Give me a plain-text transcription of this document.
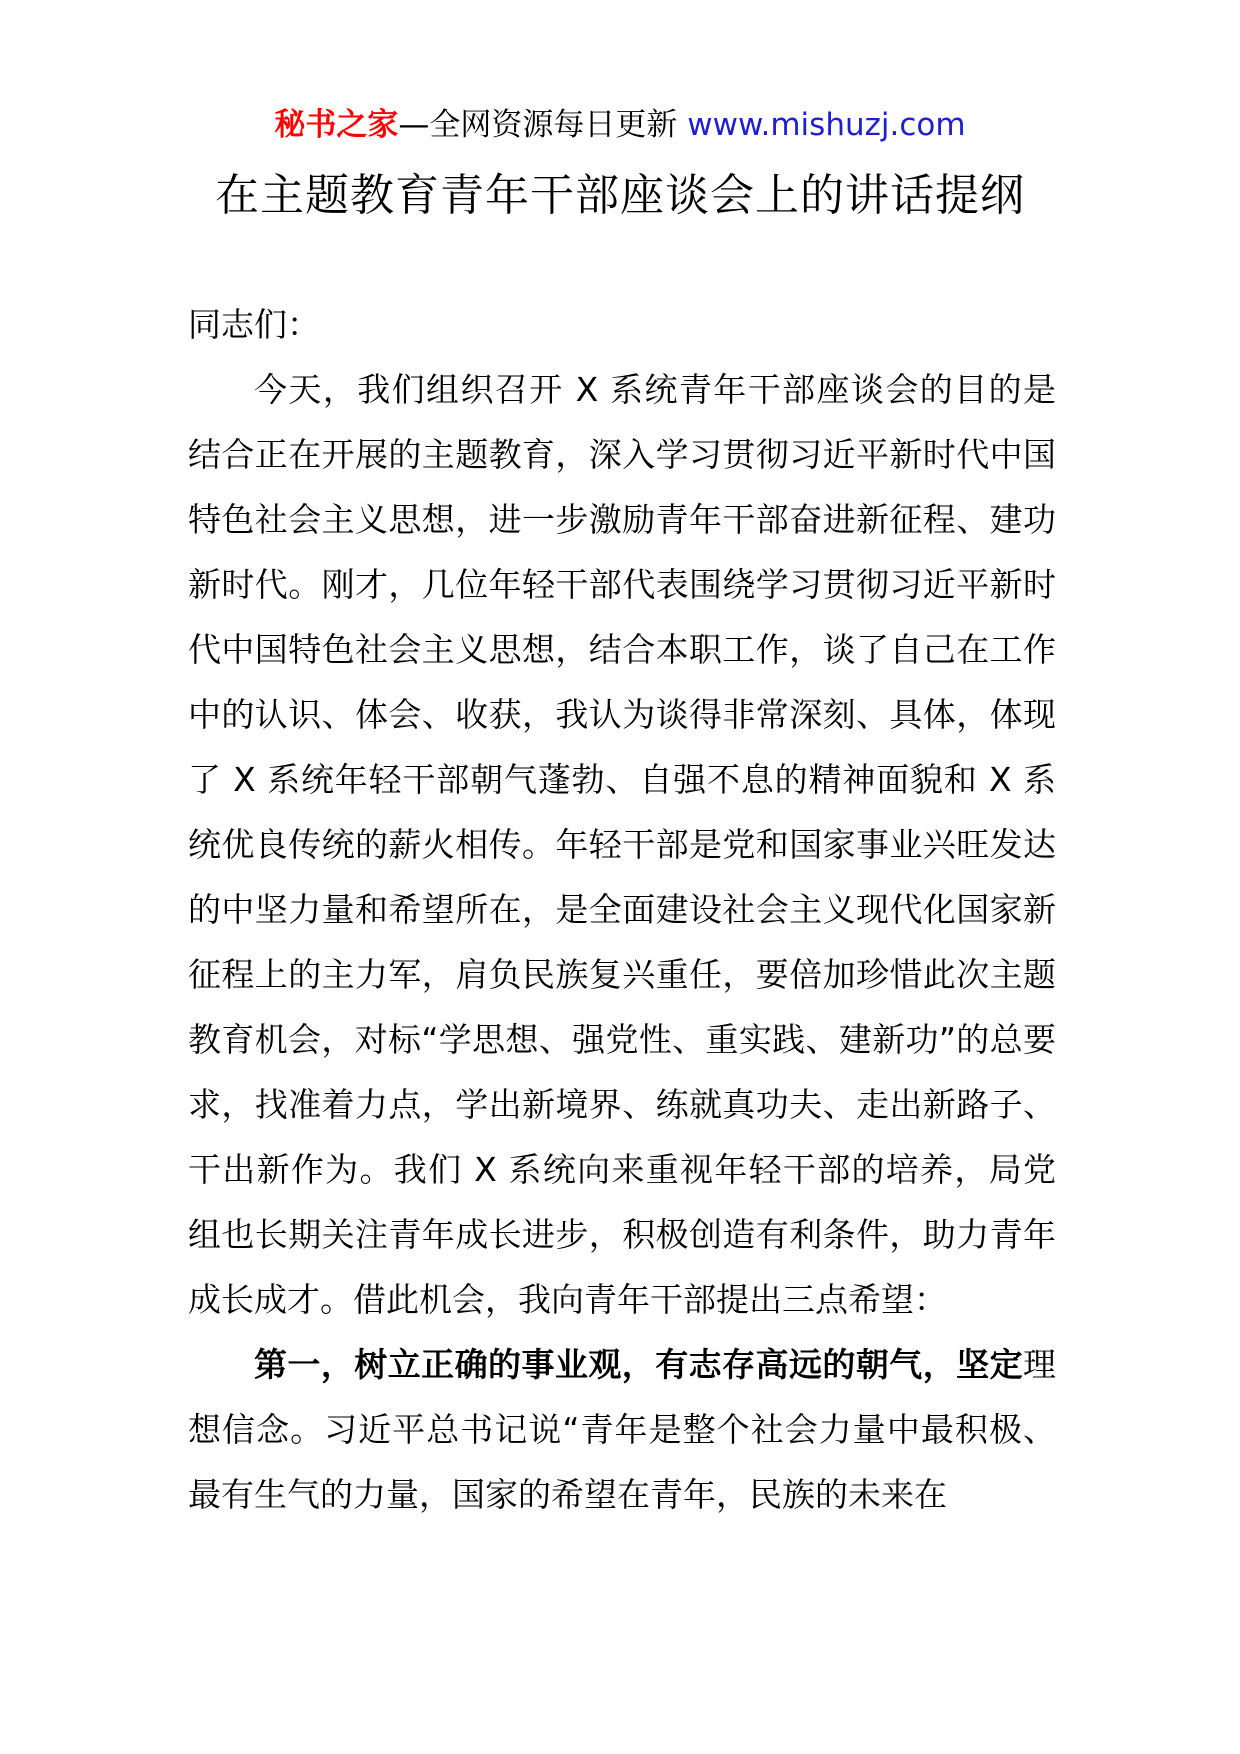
秘书之家—全网资源每日更新 www.mishuzj.com
在主题教育青年干部座谈会上的讲话提纲

同志们：

今天，我们组织召开 X 系统青年干部座谈会的目的是结合正在开展的主题教育，深入学习贯彻习近平新时代中国特色社会主义思想，进一步激励青年干部奋进新征程、建功新时代。刚才，几位年轻干部代表围绕学习贯彻习近平新时代中国特色社会主义思想，结合本职工作，谈了自己在工作中的认识、体会、收获，我认为谈得非常深刻、具体，体现了 X 系统年轻干部朝气蓬勃、自强不息的精神面貌和 X 系统优良传统的薪火相传。年轻干部是党和国家事业兴旺发达的中坚力量和希望所在，是全面建设社会主义现代化国家新征程上的主力军，肩负民族复兴重任，要倍加珍惜此次主题教育机会，对标“学思想、强党性、重实践、建新功”的总要求，找准着力点，学出新境界、练就真功夫、走出新路子、干出新作为。我们 X 系统向来重视年轻干部的培养，局党组也长期关注青年成长进步，积极创造有利条件，助力青年成长成才。借此机会，我向青年干部提出三点希望：

第一，树立正确的事业观，有志存高远的朝气，坚定理想信念。习近平总书记说“青年是整个社会力量中最积极、最有生气的力量，国家的希望在青年，民族的未来在
